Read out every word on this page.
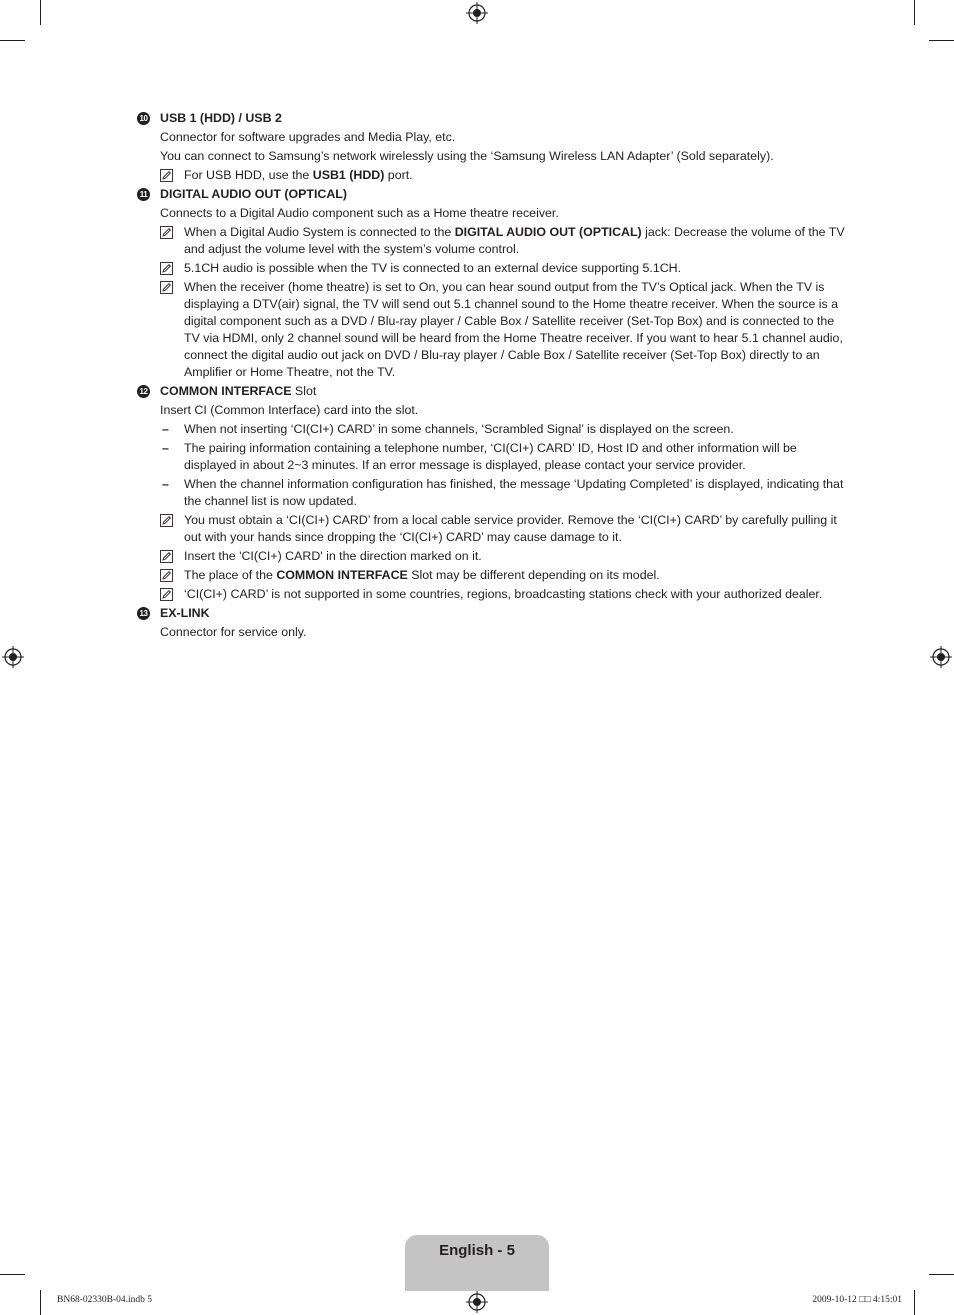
10 USB 1 (HDD) / USB 2
Connector for software upgrades and Media Play, etc.
You can connect to Samsung’s network wirelessly using the ‘Samsung Wireless LAN Adapter’ (Sold separately).
For USB HDD, use the USB1 (HDD) port.
11 DIGITAL AUDIO OUT (OPTICAL)
Connects to a Digital Audio component such as a Home theatre receiver.
When a Digital Audio System is connected to the DIGITAL AUDIO OUT (OPTICAL) jack: Decrease the volume of the TV and adjust the volume level with the system’s volume control.
5.1CH audio is possible when the TV is connected to an external device supporting 5.1CH.
When the receiver (home theatre) is set to On, you can hear sound output from the TV’s Optical jack. When the TV is displaying a DTV(air) signal, the TV will send out 5.1 channel sound to the Home theatre receiver. When the source is a digital component such as a DVD / Blu-ray player / Cable Box / Satellite receiver (Set-Top Box) and is connected to the TV via HDMI, only 2 channel sound will be heard from the Home Theatre receiver. If you want to hear 5.1 channel audio, connect the digital audio out jack on DVD / Blu-ray player / Cable Box / Satellite receiver (Set-Top Box) directly to an Amplifier or Home Theatre, not the TV.
12 COMMON INTERFACE Slot
Insert CI (Common Interface) card into the slot.
– When not inserting ‘CI(CI+) CARD’ in some channels, ‘Scrambled Signal’ is displayed on the screen.
– The pairing information containing a telephone number, ‘CI(CI+) CARD’ ID, Host ID and other information will be displayed in about 2~3 minutes. If an error message is displayed, please contact your service provider.
– When the channel information configuration has finished, the message ‘Updating Completed’ is displayed, indicating that the channel list is now updated.
You must obtain a ‘CI(CI+) CARD’ from a local cable service provider. Remove the ‘CI(CI+) CARD’ by carefully pulling it out with your hands since dropping the ‘CI(CI+) CARD’ may cause damage to it.
Insert the 'CI(CI+) CARD' in the direction marked on it.
The place of the COMMON INTERFACE Slot may be different depending on its model.
‘CI(CI+) CARD’ is not supported in some countries, regions, broadcasting stations check with your authorized dealer.
13 EX-LINK
Connector for service only.
English - 5
BN68-02330B-04.indb 5	2009-10-12 □□ 4:15:01
